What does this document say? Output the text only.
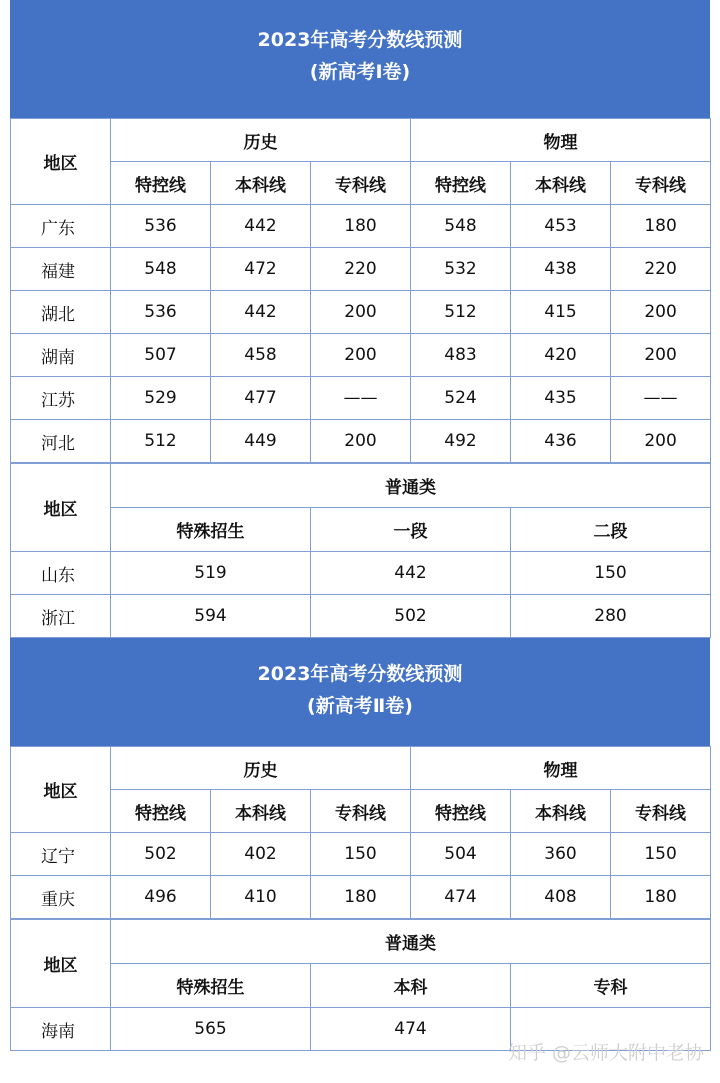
2023年高考分数线预测
(新高考Ⅰ卷)
地区	历史			物理		
	特控线	本科线	专科线	特控线	本科线	专科线
广东	536	442	180	548	453	180
福建	548	472	220	532	438	220
湖北	536	442	200	512	415	200
湖南	507	458	200	483	420	200
江苏	529	477	——	524	435	——
河北	512	449	200	492	436	200
地区	普通类		
	特殊招生	一段	二段
山东	519	442	150
浙江	594	502	280
2023年高考分数线预测
(新高考Ⅱ卷)
地区	历史			物理		
	特控线	本科线	专科线	特控线	本科线	专科线
辽宁	502	402	150	504	360	150
重庆	496	410	180	474	408	180
地区	普通类		
	特殊招生	本科	专科
海南	565	474	
知乎 @云师大附中老协
